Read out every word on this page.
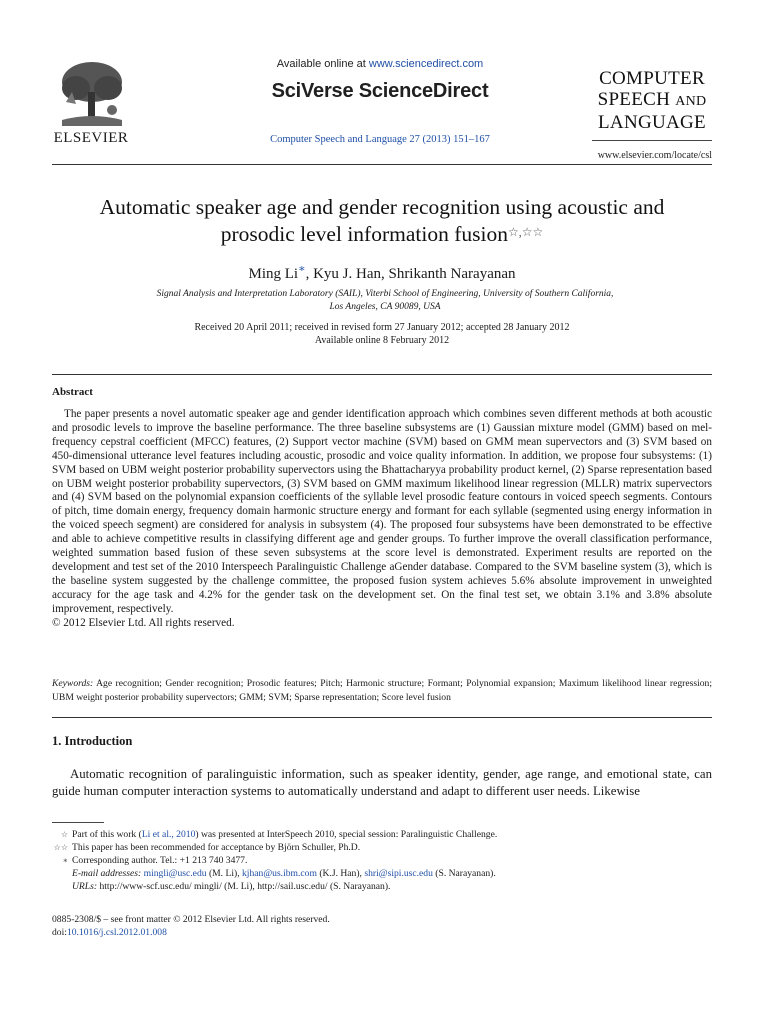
ELSEVIER
Available online at www.sciencedirect.com
SciVerse ScienceDirect
Computer Speech and Language 27 (2013) 151–167
COMPUTER
SPEECH AND
LANGUAGE
www.elsevier.com/locate/csl
Automatic speaker age and gender recognition using acoustic and
prosodic level information fusion☆,☆☆
Ming Li∗, Kyu J. Han, Shrikanth Narayanan
Signal Analysis and Interpretation Laboratory (SAIL), Viterbi School of Engineering, University of Southern California,
Los Angeles, CA 90089, USA
Received 20 April 2011; received in revised form 27 January 2012; accepted 28 January 2012
Available online 8 February 2012
Abstract

The paper presents a novel automatic speaker age and gender identification approach which combines seven different methods at both acoustic and prosodic levels to improve the baseline performance. The three baseline subsystems are (1) Gaussian mixture model (GMM) based on mel-frequency cepstral coefficient (MFCC) features, (2) Support vector machine (SVM) based on GMM mean supervectors and (3) SVM based on 450-dimensional utterance level features including acoustic, prosodic and voice quality information. In addition, we propose four subsystems: (1) SVM based on UBM weight posterior probability supervectors using the Bhattacharyya probability product kernel, (2) Sparse representation based on UBM weight posterior probability supervectors, (3) SVM based on GMM maximum likelihood linear regression (MLLR) matrix supervectors and (4) SVM based on the polynomial expansion coefficients of the syllable level prosodic feature contours in voiced speech segments. Contours of pitch, time domain energy, frequency domain harmonic structure energy and formant for each syllable (segmented using energy information in the voiced speech segment) are considered for analysis in subsystem (4). The proposed four subsystems have been demonstrated to be effective and able to achieve competitive results in classifying different age and gender groups. To further improve the overall classification performance, weighted summation based fusion of these seven subsystems at the score level is demonstrated. Experiment results are reported on the development and test set of the 2010 Interspeech Paralinguistic Challenge aGender database. Compared to the SVM baseline system (3), which is the baseline system suggested by the challenge committee, the proposed fusion system achieves 5.6% absolute improvement in unweighted accuracy for the age task and 4.2% for the gender task on the development set. On the final test set, we obtain 3.1% and 3.8% absolute improvement, respectively.

© 2012 Elsevier Ltd. All rights reserved.

Keywords: Age recognition; Gender recognition; Prosodic features; Pitch; Harmonic structure; Formant; Polynomial expansion; Maximum likelihood linear regression; UBM weight posterior probability supervectors; GMM; SVM; Sparse representation; Score level fusion
1. Introduction

Automatic recognition of paralinguistic information, such as speaker identity, gender, age range, and emotional state, can guide human computer interaction systems to automatically understand and adapt to different user needs. Likewise

☆ Part of this work (Li et al., 2010) was presented at InterSpeech 2010, special session: Paralinguistic Challenge.
☆☆ This paper has been recommended for acceptance by Björn Schuller, Ph.D.
∗ Corresponding author. Tel.: +1 213 740 3477.
E-mail addresses: mingli@usc.edu (M. Li), kjhan@us.ibm.com (K.J. Han), shri@sipi.usc.edu (S. Narayanan).
URLs: http://www-scf.usc.edu/ mingli/ (M. Li), http://sail.usc.edu/ (S. Narayanan).
0885-2308/$ – see front matter © 2012 Elsevier Ltd. All rights reserved.
doi:10.1016/j.csl.2012.01.008
